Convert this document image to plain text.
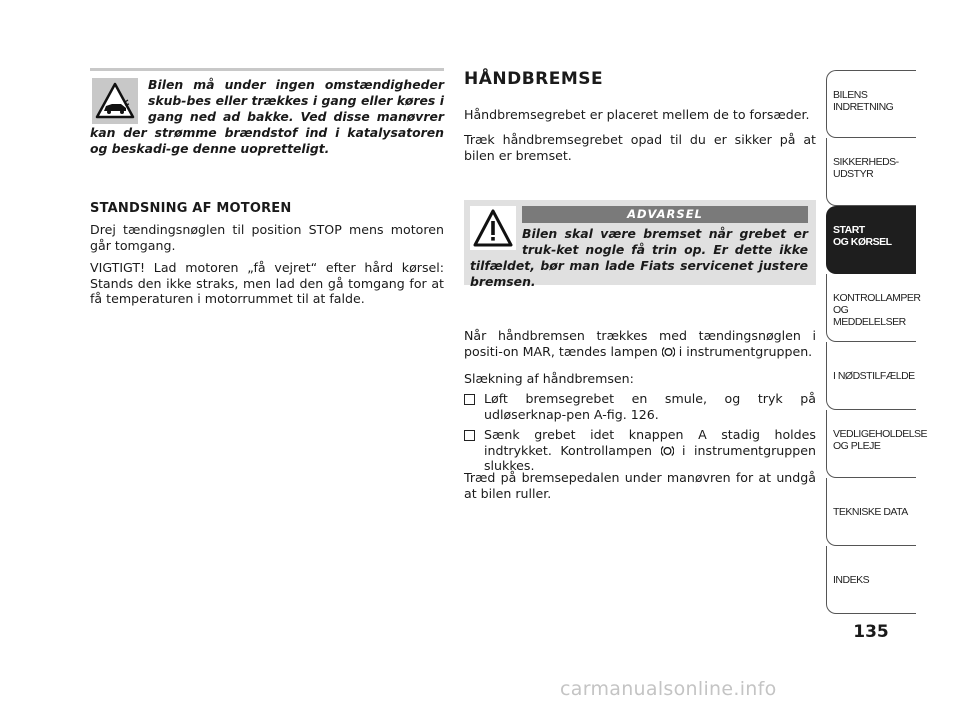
Bilen må under ingen omstændigheder skub-bes eller trækkes i gang eller køres i gang ned ad bakke. Ved disse manøvrer kan der strømme brændstof ind i katalysatoren og beskadi-ge denne uopretteligt.
STANDSNING AF MOTOREN
Drej tændingsnøglen til position STOP mens motoren går tomgang.
VIGTIGT! Lad motoren „få vejret“ efter hård kørsel: Stands den ikke straks, men lad den gå tomgang for at få temperaturen i motorrummet til at falde.
HÅNDBREMSE
Håndbremsegrebet er placeret mellem de to forsæder.
Træk håndbremsegrebet opad til du er sikker på at bilen er bremset.
ADVARSEL
Bilen skal være bremset når grebet er truk-ket nogle få trin op. Er dette ikke tilfældet, bør man lade Fiats servicenet justere bremsen.
Når håndbremsen trækkes med tændingsnøglen i positi-on MAR, tændes lampen i instrumentgruppen.
Slækning af håndbremsen:
Løft bremsegrebet en smule, og tryk på udløserknap-pen A-fig. 126.
Sænk grebet idet knappen A stadig holdes indtrykket. Kontrollampen i instrumentgruppen slukkes.
Træd på bremsepedalen under manøvren for at undgå at bilen ruller.
BILENS
INDRETNING
SIKKERHEDS-
UDSTYR
START
OG KØRSEL
KONTROLLAMPER
OG MEDDELELSER
I NØDSTILFÆLDE
VEDLIGEHOLDELSE
OG PLEJE
TEKNISKE DATA
INDEKS
135
carmanualsonline.info
